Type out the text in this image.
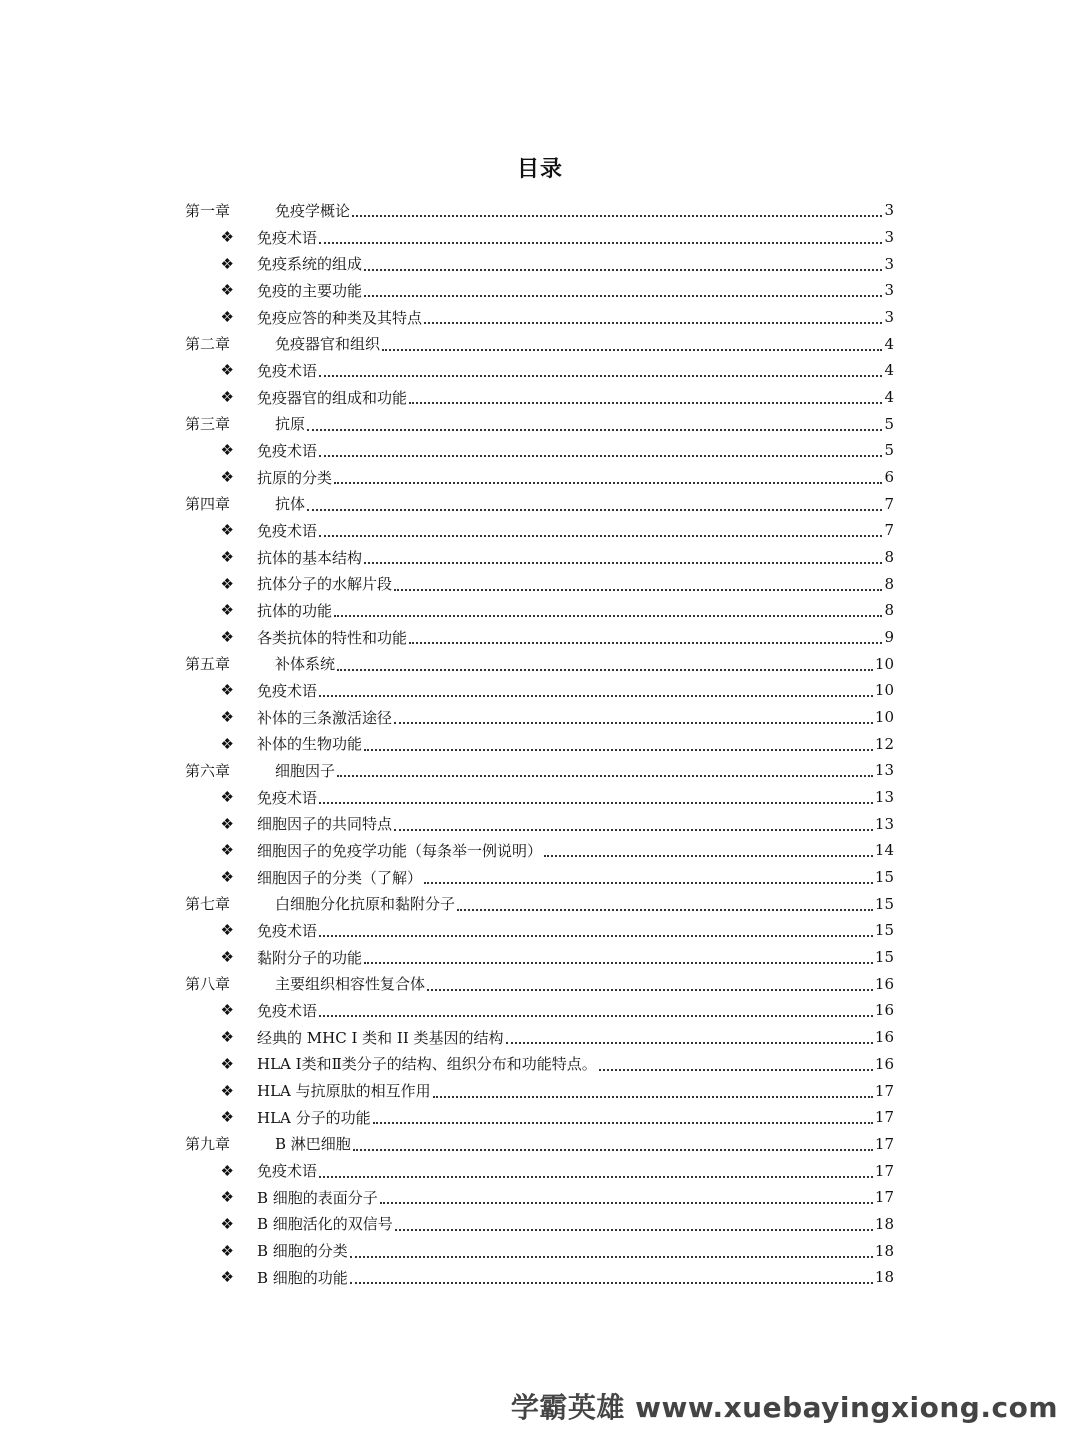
目录
第一章	免疫学概论	3
❖	免疫术语	3
❖	免疫系统的组成	3
❖	免疫的主要功能	3
❖	免疫应答的种类及其特点	3
第二章	免疫器官和组织	4
❖	免疫术语	4
❖	免疫器官的组成和功能	4
第三章	抗原	5
❖	免疫术语	5
❖	抗原的分类	6
第四章	抗体	7
❖	免疫术语	7
❖	抗体的基本结构	8
❖	抗体分子的水解片段	8
❖	抗体的功能	8
❖	各类抗体的特性和功能	9
第五章	补体系统	10
❖	免疫术语	10
❖	补体的三条激活途径	10
❖	补体的生物功能	12
第六章	细胞因子	13
❖	免疫术语	13
❖	细胞因子的共同特点	13
❖	细胞因子的免疫学功能（每条举一例说明）	14
❖	细胞因子的分类（了解）	15
第七章	白细胞分化抗原和黏附分子	15
❖	免疫术语	15
❖	黏附分子的功能	15
第八章	主要组织相容性复合体	16
❖	免疫术语	16
❖	经典的 MHC I 类和 II 类基因的结构	16
❖	HLA Ⅰ类和Ⅱ类分子的结构、组织分布和功能特点。	16
❖	HLA 与抗原肽的相互作用	17
❖	HLA 分子的功能	17
第九章	B 淋巴细胞	17
❖	免疫术语	17
❖	B 细胞的表面分子	17
❖	B 细胞活化的双信号	18
❖	B 细胞的分类	18
❖	B 细胞的功能	18
学霸英雄 www.xuebayingxiong.com
